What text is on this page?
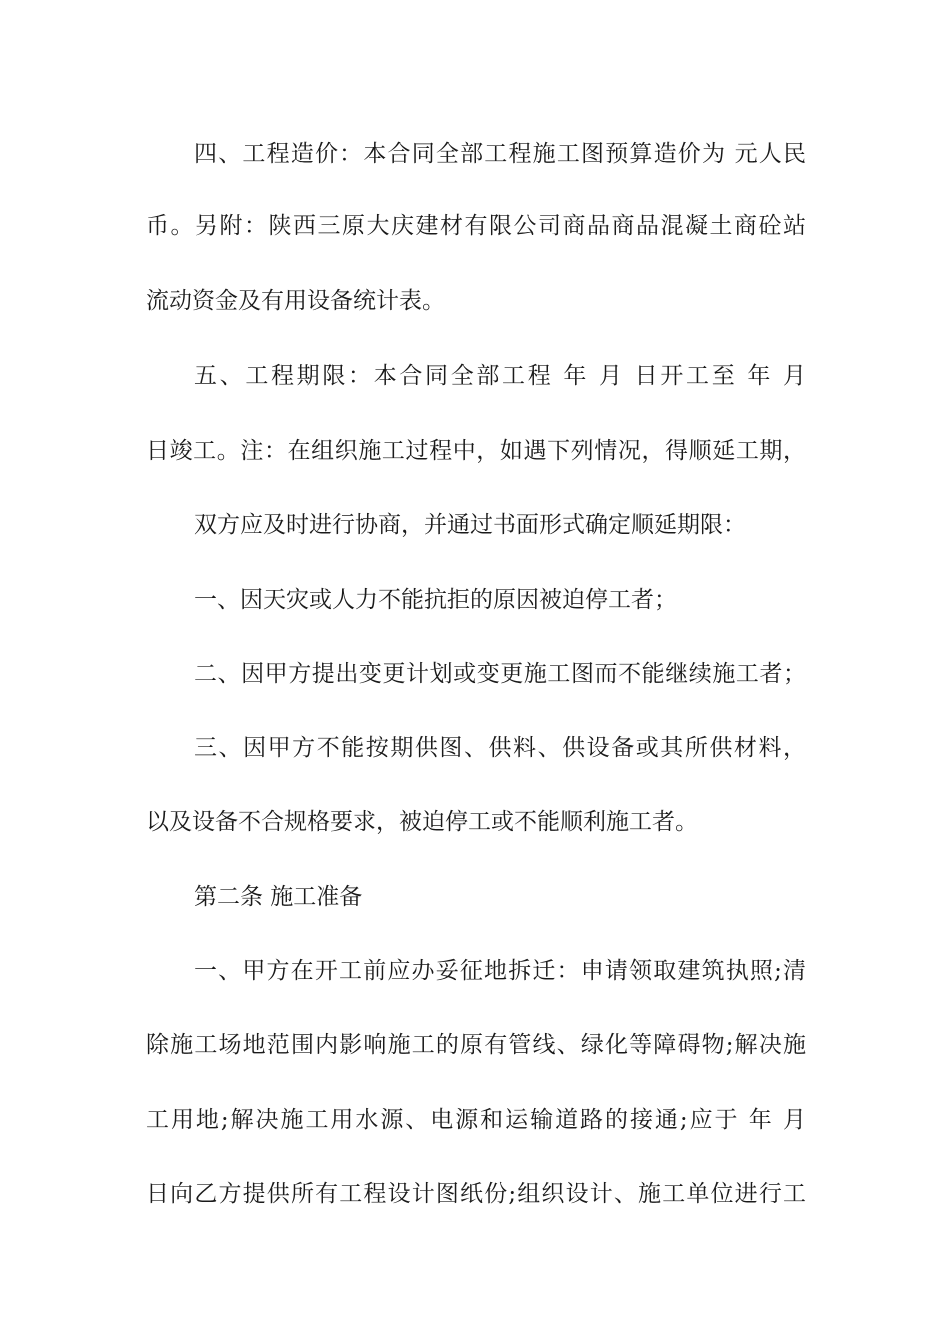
四、工程造价：本合同全部工程施工图预算造价为 元人民
币。另附：陕西三原大庆建材有限公司商品商品混凝土商砼站
流动资金及有用设备统计表。
五、工程期限：本合同全部工程 年 月 日开工至 年 月
日竣工。注：在组织施工过程中，如遇下列情况，得顺延工期，
双方应及时进行协商，并通过书面形式确定顺延期限：
一、因天灾或人力不能抗拒的原因被迫停工者；
二、因甲方提出变更计划或变更施工图而不能继续施工者；
三、因甲方不能按期供图、供料、供设备或其所供材料，
以及设备不合规格要求，被迫停工或不能顺利施工者。
第二条 施工准备
一、甲方在开工前应办妥征地拆迁：申请领取建筑执照;清
除施工场地范围内影响施工的原有管线、绿化等障碍物;解决施
工用地;解决施工用水源、电源和运输道路的接通;应于 年 月
日向乙方提供所有工程设计图纸份;组织设计、施工单位进行工
